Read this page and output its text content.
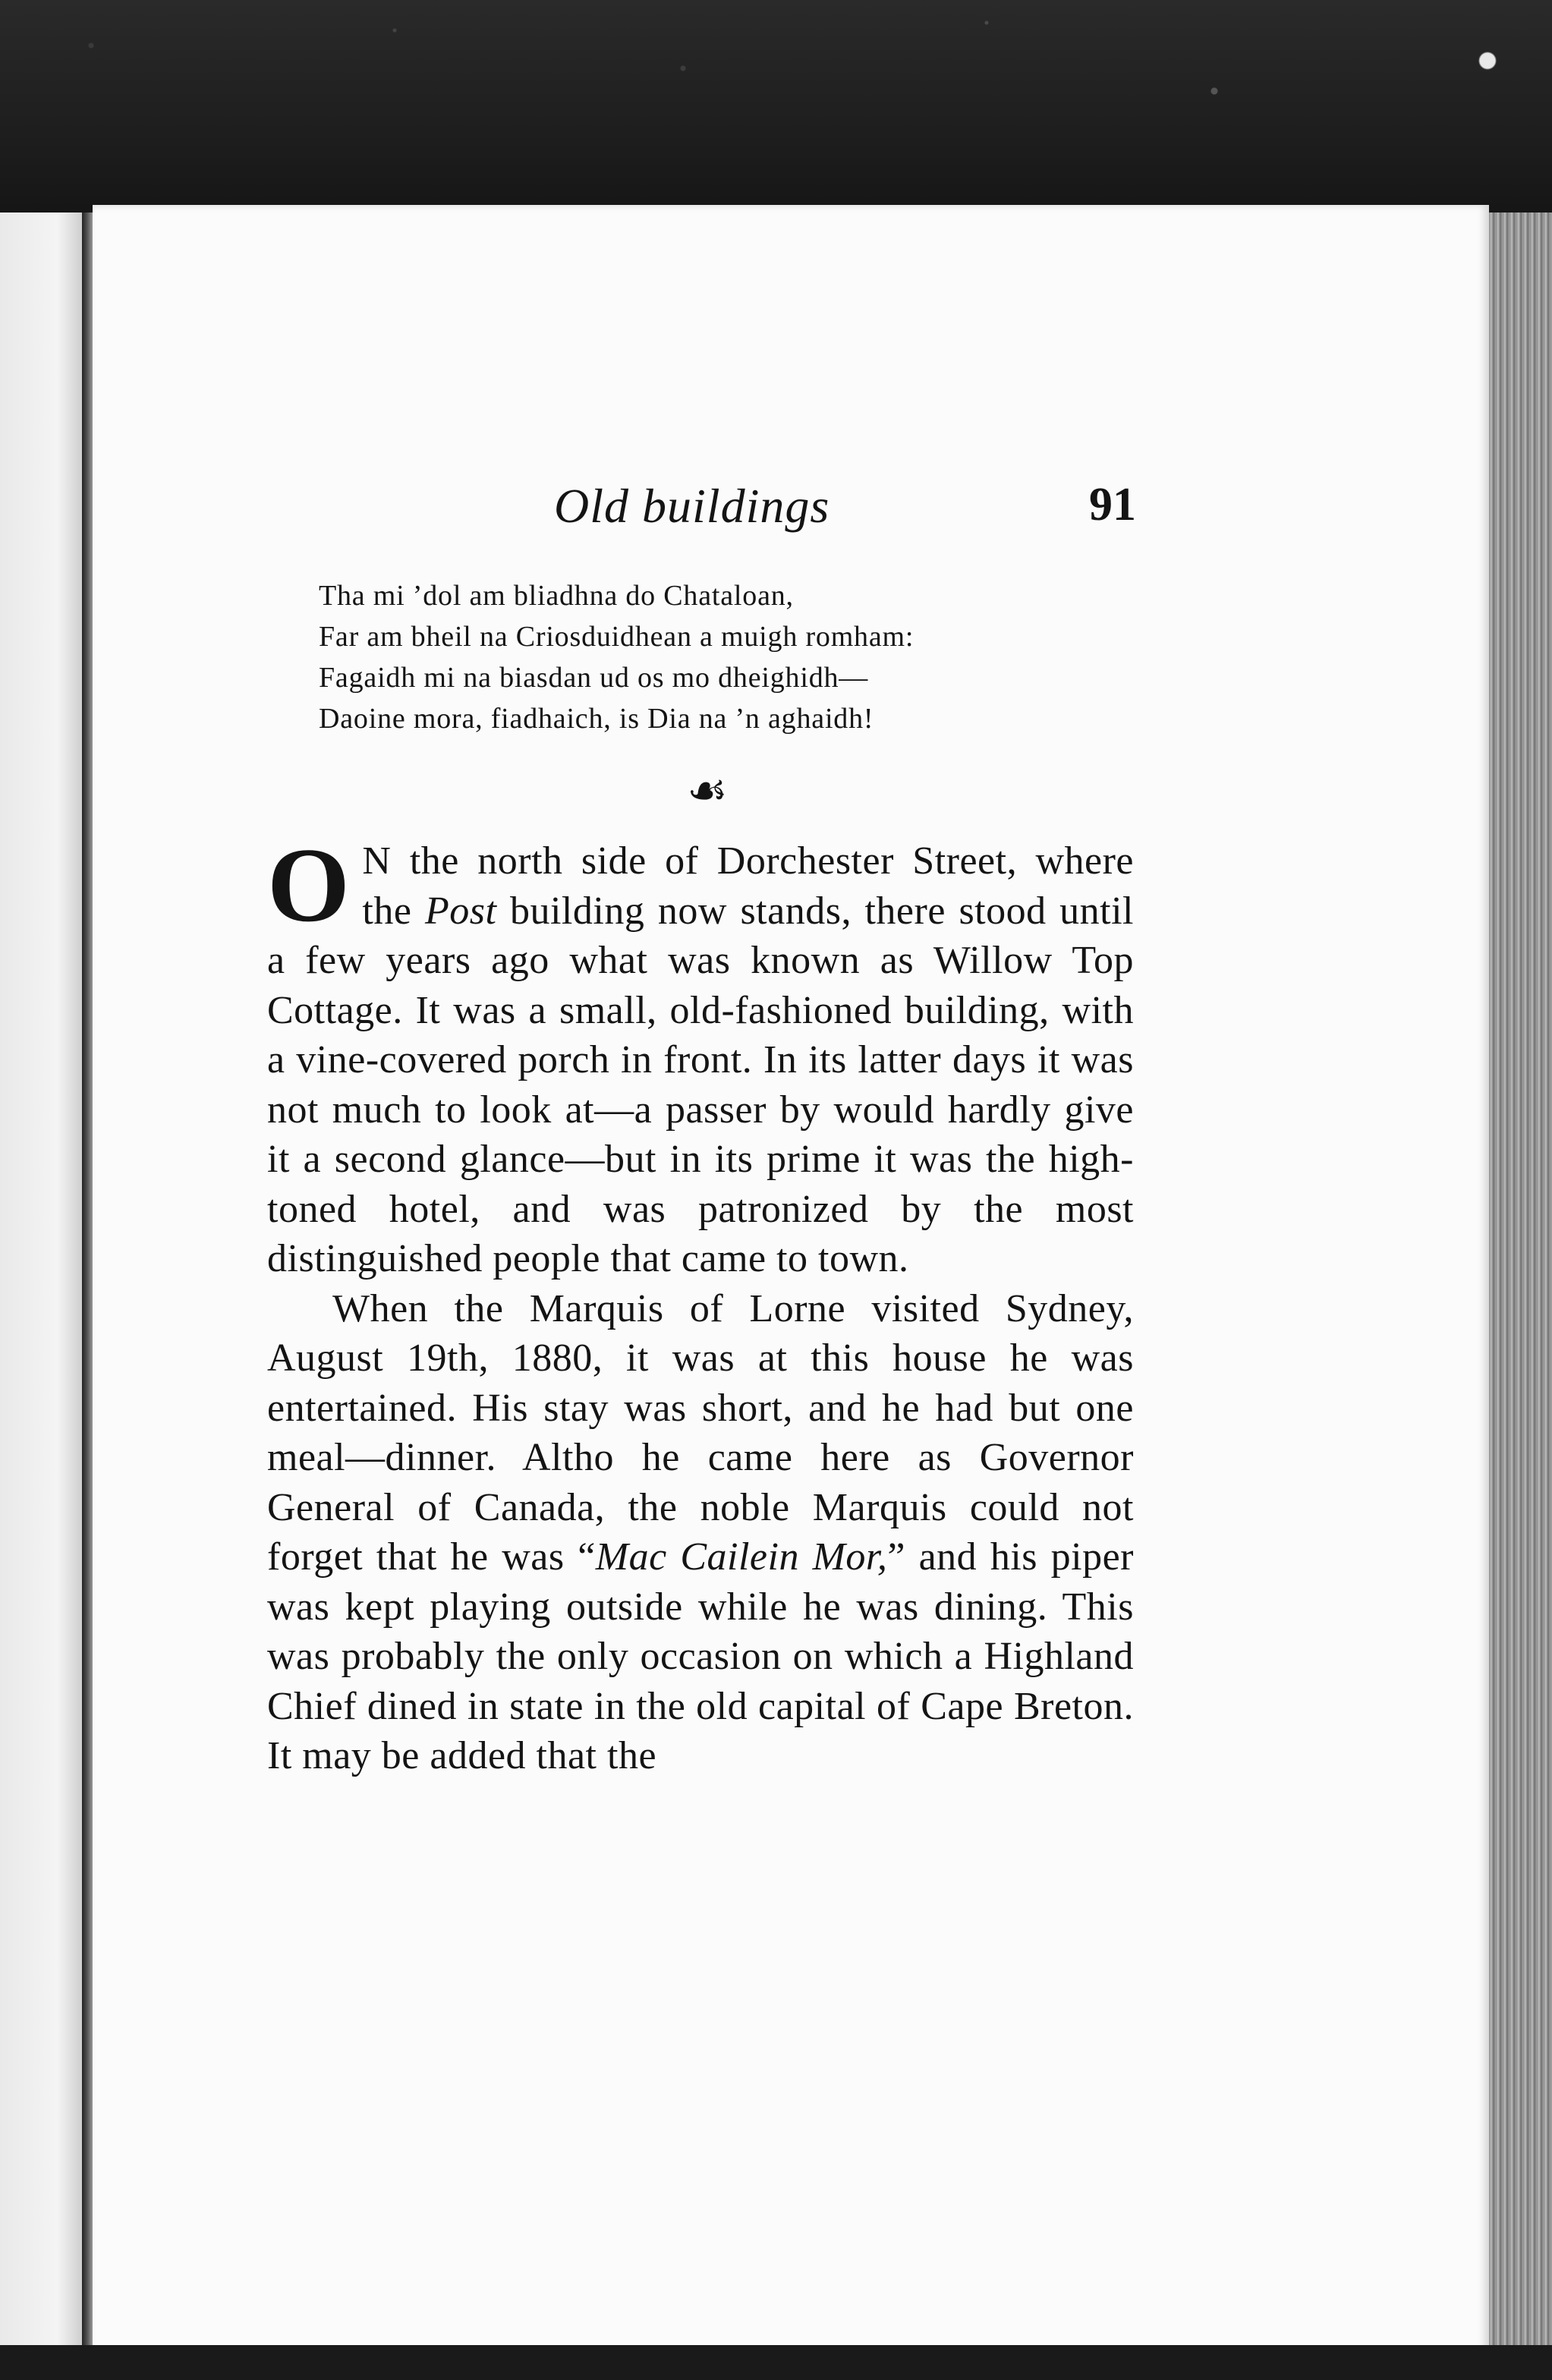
Old buildings	91
Tha mi ’dol am bliadhna do Chataloan,
Far am bheil na Criosduidhean a muigh romham:
Fagaidh mi na biasdan ud os mo dheighidh—
Daoine mora, fiadhaich, is Dia na ’n aghaidh!
☙

O N the north side of Dorchester Street, where the Post building now stands, there stood until a few years ago what was known as Willow Top Cottage. It was a small, old-fashioned building, with a vine-covered porch in front. In its latter days it was not much to look at—a passer by would hardly give it a second glance—but in its prime it was the high-toned hotel, and was patronized by the most distinguished people that came to town.

When the Marquis of Lorne visited Sydney, August 19th, 1880, it was at this house he was entertained. His stay was short, and he had but one meal—dinner. Altho he came here as Governor General of Canada, the noble Marquis could not forget that he was “Mac Cailein Mor,” and his piper was kept playing outside while he was dining. This was probably the only occasion on which a Highland Chief dined in state in the old capital of Cape Breton. It may be added that the
